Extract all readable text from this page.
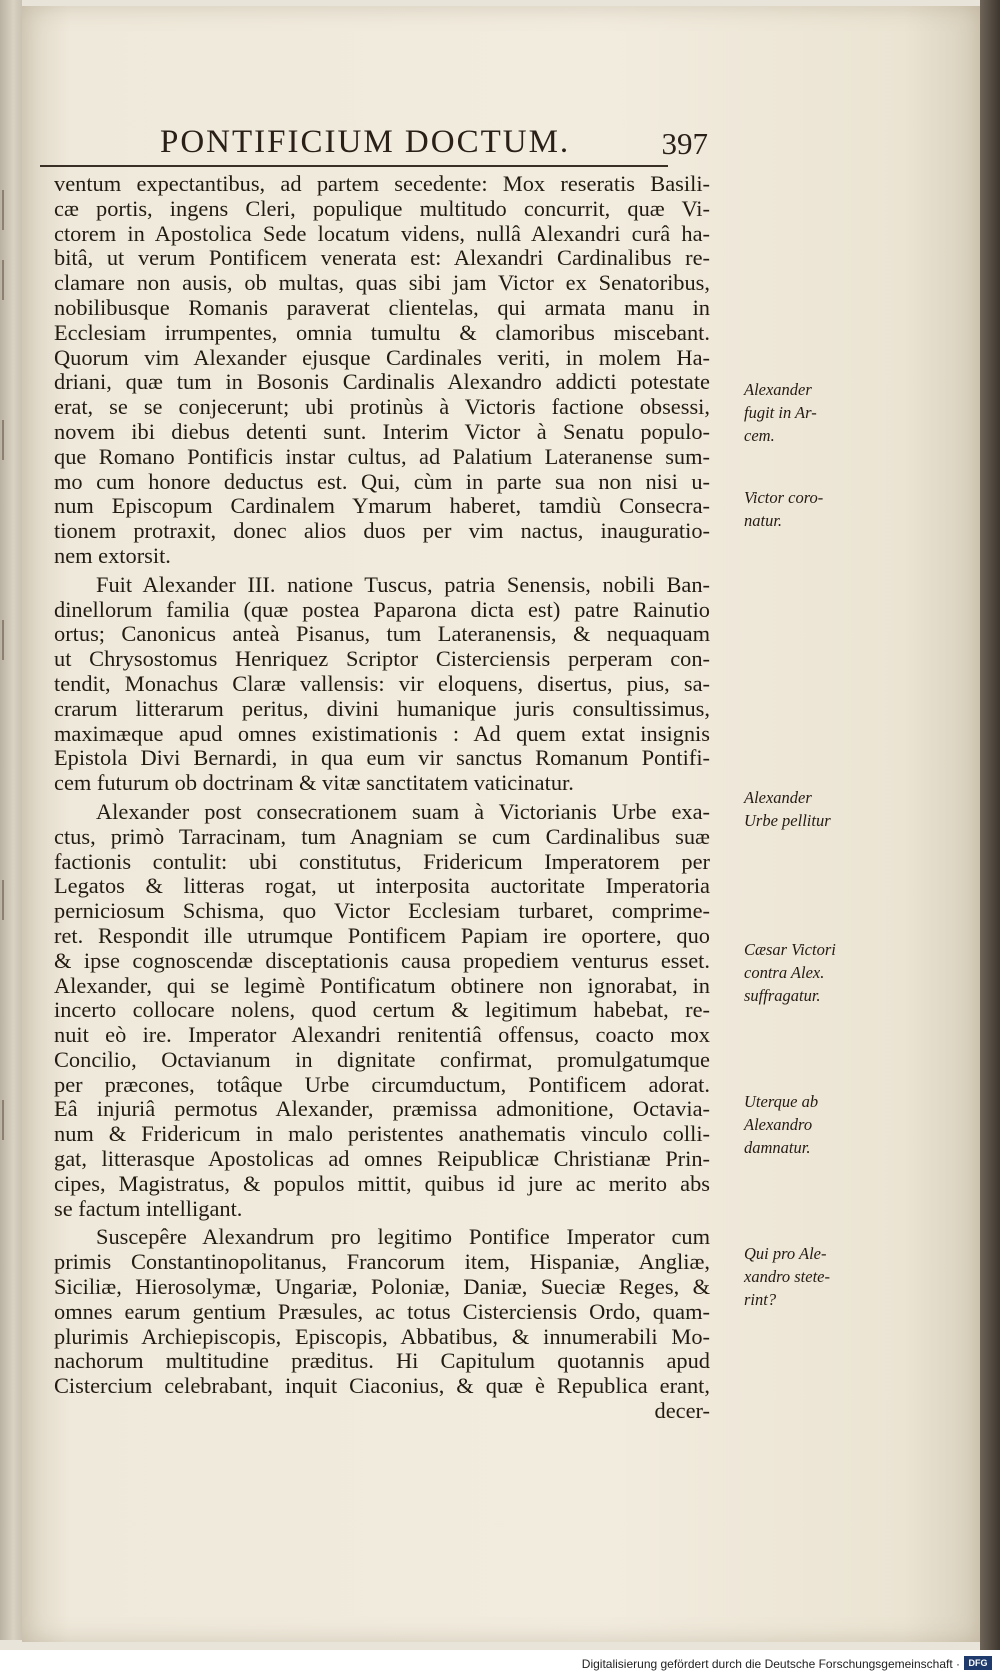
PONTIFICIUM DOCTUM.	397
ventum expectantibus, ad partem secedente: Mox reseratis Basili-
cæ portis, ingens Cleri, populique multitudo concurrit, quæ Vi-
ctorem in Apostolica Sede locatum videns, nullâ Alexandri curâ ha-
bitâ, ut verum Pontificem venerata est: Alexandri Cardinalibus re-
clamare non ausis, ob multas, quas sibi jam Victor ex Senatoribus,
nobilibusque Romanis paraverat clientelas, qui armata manu in
Ecclesiam irrumpentes, omnia tumultu & clamoribus miscebant.
Quorum vim Alexander ejusque Cardinales veriti, in molem Ha-
driani, quæ tum in Bosonis Cardinalis Alexandro addicti potestate
erat, se se conjecerunt; ubi protinùs à Victoris factione obsessi,
novem ibi diebus detenti sunt. Interim Victor à Senatu populo-
que Romano Pontificis instar cultus, ad Palatium Lateranense sum-
mo cum honore deductus est. Qui, cùm in parte sua non nisi u-
num Episcopum Cardinalem Ymarum haberet, tamdiù Consecra-
tionem protraxit, donec alios duos per vim nactus, inauguratio-
nem extorsit.
Fuit Alexander III. natione Tuscus, patria Senensis, nobili Ban-
dinellorum familia (quæ postea Paparona dicta est) patre Rainutio
ortus; Canonicus anteà Pisanus, tum Lateranensis, & nequaquam
ut Chrysostomus Henriquez Scriptor Cisterciensis perperam con-
tendit, Monachus Claræ vallensis: vir eloquens, disertus, pius, sa-
crarum litterarum peritus, divini humanique juris consultissimus,
maximæque apud omnes existimationis : Ad quem extat insignis
Epistola Divi Bernardi, in qua eum vir sanctus Romanum Pontifi-
cem futurum ob doctrinam & vitæ sanctitatem vaticinatur.
Alexander post consecrationem suam à Victorianis Urbe exa-
ctus, primò Tarracinam, tum Anagniam se cum Cardinalibus suæ
factionis contulit: ubi constitutus, Fridericum Imperatorem per
Legatos & litteras rogat, ut interposita auctoritate Imperatoria
perniciosum Schisma, quo Victor Ecclesiam turbaret, comprime-
ret. Respondit ille utrumque Pontificem Papiam ire oportere, quo
& ipse cognoscendæ disceptationis causa propediem venturus esset.
Alexander, qui se legimè Pontificatum obtinere non ignorabat, in
incerto collocare nolens, quod certum & legitimum habebat, re-
nuit eò ire. Imperator Alexandri renitentiâ offensus, coacto mox
Concilio, Octavianum in dignitate confirmat, promulgatumque
per præcones, totâque Urbe circumductum, Pontificem adorat.
Eâ injuriâ permotus Alexander, præmissa admonitione, Octavia-
num & Fridericum in malo peristentes anathematis vinculo colli-
gat, litterasque Apostolicas ad omnes Reipublicæ Christianæ Prin-
cipes, Magistratus, & populos mittit, quibus id jure ac merito abs
se factum intelligant.
Suscepêre Alexandrum pro legitimo Pontifice Imperator cum
primis Constantinopolitanus, Francorum item, Hispaniæ, Angliæ,
Siciliæ, Hierosolymæ, Ungariæ, Poloniæ, Daniæ, Sueciæ Reges, &
omnes earum gentium Præsules, ac totus Cisterciensis Ordo, quam-
plurimis Archiepiscopis, Episcopis, Abbatibus, & innumerabili Mo-
nachorum multitudine præditus. Hi Capitulum quotannis apud
Cistercium celebrabant, inquit Ciaconius, & quæ è Republica erant,
decer-
Alexander
fugit in Ar-
cem.
Victor coro-
natur.
Alexander
Urbe pellitur
Cæsar Victori
contra Alex.
suffragatur.
Uterque ab
Alexandro
damnatur.
Qui pro Ale-
xandro stete-
rint?
Digitalisierung gefördert durch die Deutsche Forschungsgemeinschaft · DFG
